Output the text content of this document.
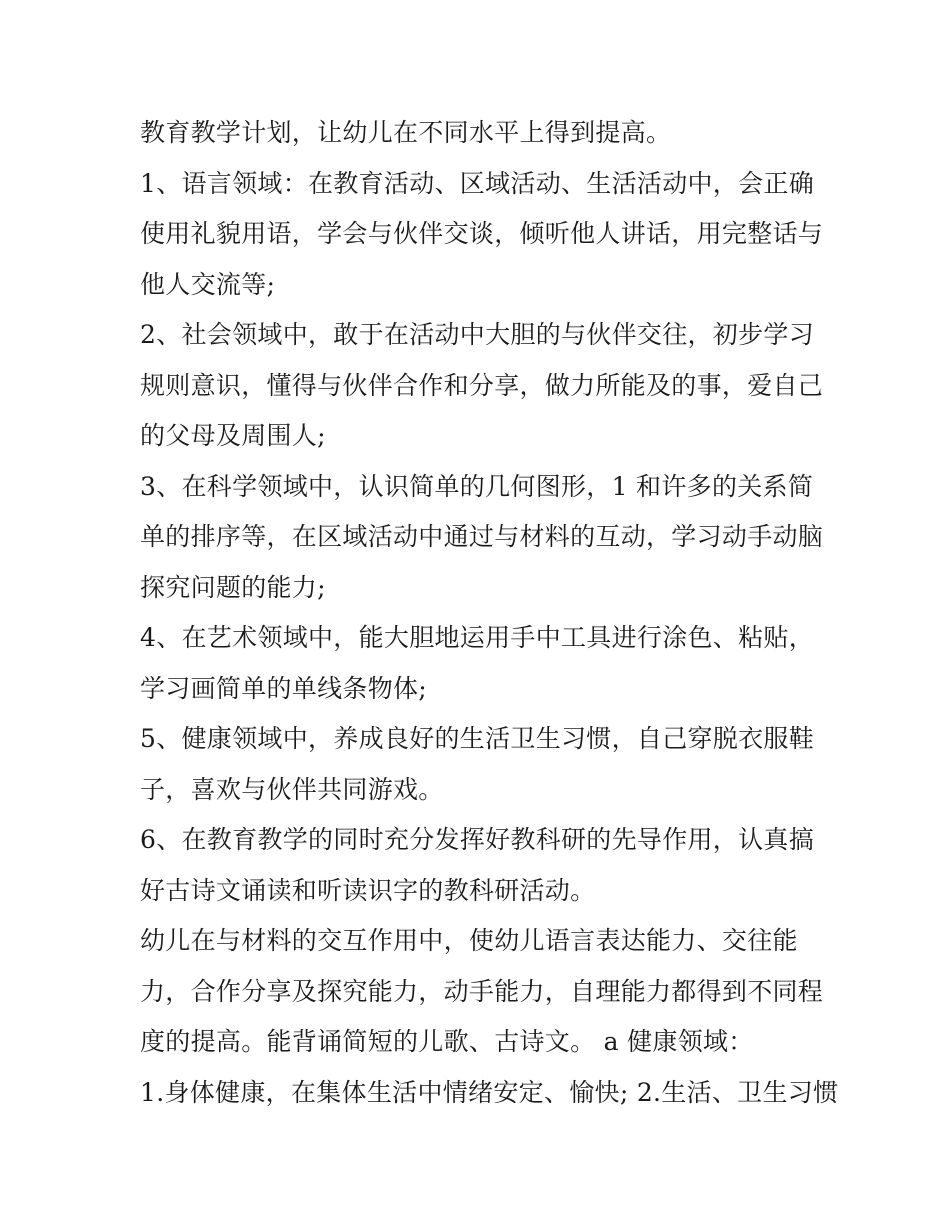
教育教学计划，让幼儿在不同水平上得到提高。
1、语言领域：在教育活动、区域活动、生活活动中，会正确
使用礼貌用语，学会与伙伴交谈，倾听他人讲话，用完整话与
他人交流等;
2、社会领域中，敢于在活动中大胆的与伙伴交往，初步学习
规则意识，懂得与伙伴合作和分享，做力所能及的事，爱自己
的父母及周围人;
3、在科学领域中，认识简单的几何图形，1 和许多的关系简
单的排序等，在区域活动中通过与材料的互动，学习动手动脑
探究问题的能力;
4、在艺术领域中，能大胆地运用手中工具进行涂色、粘贴，
学习画简单的单线条物体;
5、健康领域中，养成良好的生活卫生习惯，自己穿脱衣服鞋
子，喜欢与伙伴共同游戏。
6、在教育教学的同时充分发挥好教科研的先导作用，认真搞
好古诗文诵读和听读识字的教科研活动。
幼儿在与材料的交互作用中，使幼儿语言表达能力、交往能
力，合作分享及探究能力，动手能力，自理能力都得到不同程
度的提高。能背诵简短的儿歌、古诗文。 a 健康领域：
1.身体健康，在集体生活中情绪安定、愉快; 2.生活、卫生习惯
